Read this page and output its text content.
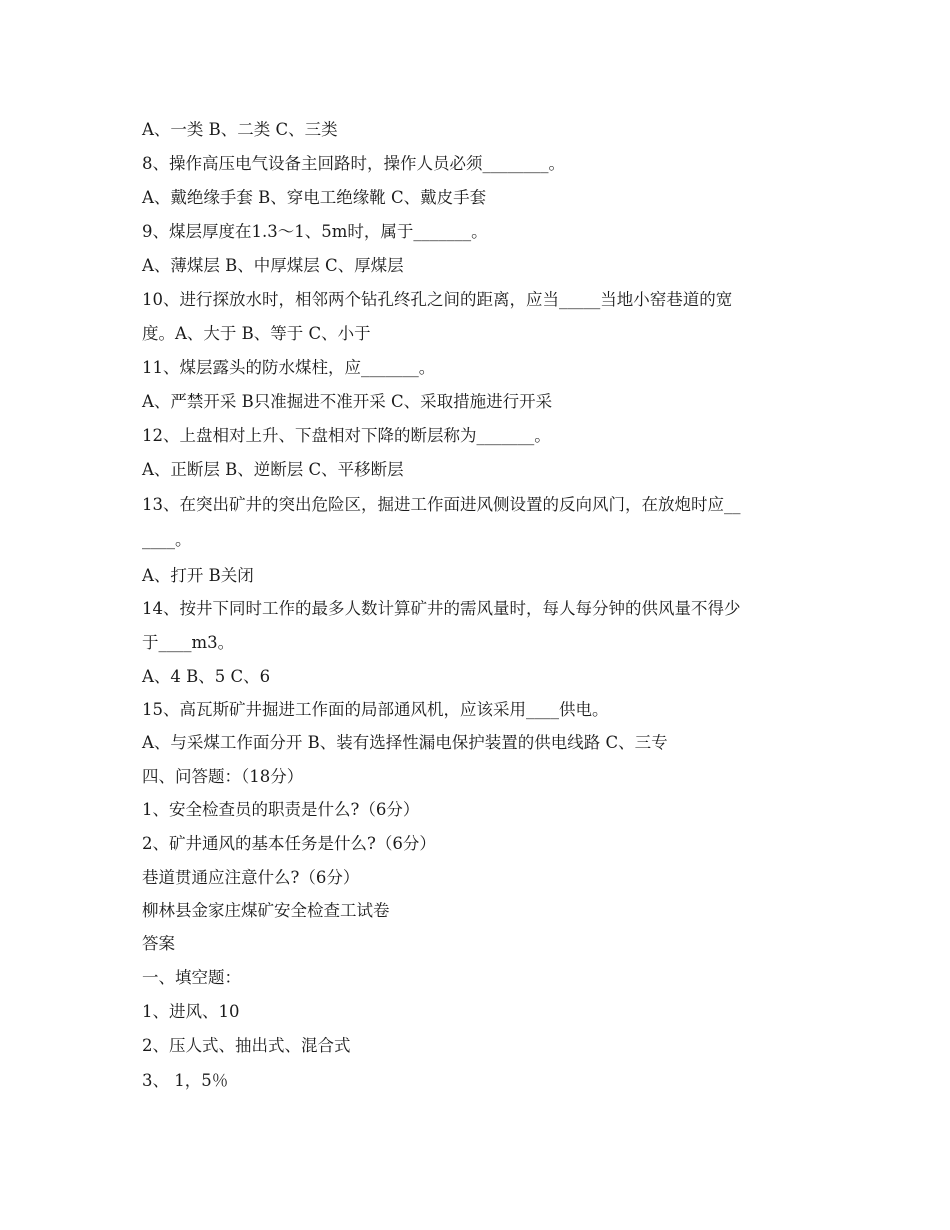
A、一类 B、二类 C、三类
8、操作高压电气设备主回路时，操作人员必须________。
A、戴绝缘手套 B、穿电工绝缘靴 C、戴皮手套
9、煤层厚度在1.3～1、5m时，属于_______。
A、薄煤层 B、中厚煤层 C、厚煤层
10、进行探放水时，相邻两个钻孔终孔之间的距离，应当_____当地小窑巷道的宽
度。A、大于 B、等于 C、小于
11、煤层露头的防水煤柱，应_______。
A、严禁开采 B只准掘进不准开采 C、采取措施进行开采
12、上盘相对上升、下盘相对下降的断层称为_______。
A、正断层 B、逆断层 C、平移断层
13、在突出矿井的突出危险区，掘进工作面进风侧设置的反向风门，在放炮时应__
____。
A、打开 B关闭
14、按井下同时工作的最多人数计算矿井的需风量时，每人每分钟的供风量不得少
于____m3。
A、4 B、5 C、6
15、高瓦斯矿井掘进工作面的局部通风机，应该采用____供电。
A、与采煤工作面分开 B、装有选择性漏电保护装置的供电线路 C、三专
四、问答题：（18分）
1、安全检查员的职责是什么?（6分）
2、矿井通风的基本任务是什么?（6分）
巷道贯通应注意什么?（6分）
柳林县金家庄煤矿安全检查工试卷
答案
一、填空题：
1、进风、10
2、压人式、抽出式、混合式
3、 1，5％
